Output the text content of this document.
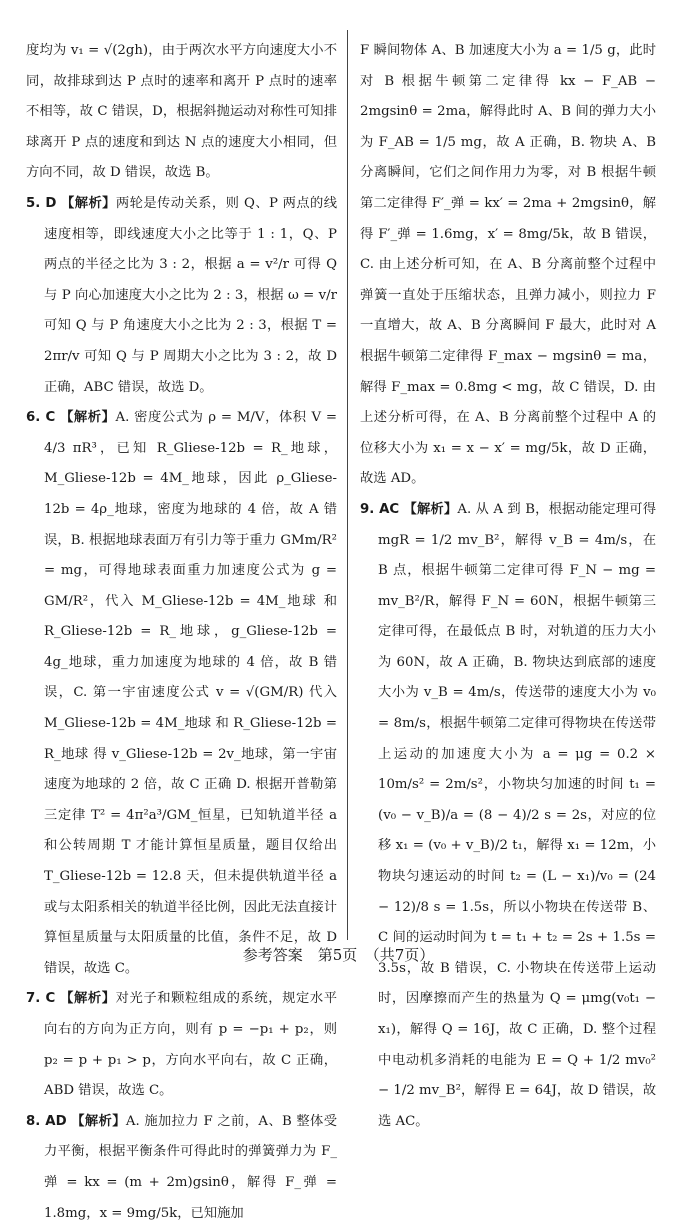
度均为 v₁ = √(2gh)，由于两次水平方向速度大小不同，故排球到达 P 点时的速率和离开 P 点时的速率不相等，故 C 错误，D，根据斜抛运动对称性可知排球离开 P 点的速度和到达 N 点的速度大小相同，但方向不同，故 D 错误，故选 B。

5. D 【解析】两轮是传动关系，则 Q、P 两点的线速度相等，即线速度大小之比等于 1 : 1，Q、P 两点的半径之比为 3 : 2，根据 a = v²/r 可得 Q 与 P 向心加速度大小之比为 2 : 3，根据 ω = v/r 可知 Q 与 P 角速度大小之比为 2 : 3，根据 T = 2πr/v 可知 Q 与 P 周期大小之比为 3 : 2，故 D 正确，ABC 错误，故选 D。

6. C 【解析】A. 密度公式为 ρ = M/V，体积 V = 4/3 πR³，已知 R_Gliese-12b = R_地球，M_Gliese-12b = 4M_地球，因此 ρ_Gliese-12b = 4ρ_地球，密度为地球的 4 倍，故 A 错误，B. 根据地球表面万有引力等于重力 GMm/R² = mg，可得地球表面重力加速度公式为 g = GM/R²，代入 M_Gliese-12b = 4M_地球 和 R_Gliese-12b = R_地球，g_Gliese-12b = 4g_地球，重力加速度为地球的 4 倍，故 B 错误，C. 第一宇宙速度公式 v = √(GM/R) 代入 M_Gliese-12b = 4M_地球 和 R_Gliese-12b = R_地球 得 v_Gliese-12b = 2v_地球，第一宇宙速度为地球的 2 倍，故 C 正确 D. 根据开普勒第三定律 T² = 4π²a³/GM_恒星，已知轨道半径 a 和公转周期 T 才能计算恒星质量，题目仅给出 T_Gliese-12b = 12.8 天，但未提供轨道半径 a 或与太阳系相关的轨道半径比例，因此无法直接计算恒星质量与太阳质量的比值，条件不足，故 D 错误，故选 C。

7. C 【解析】对光子和颗粒组成的系统，规定水平向右的方向为正方向，则有 p = −p₁ + p₂，则 p₂ = p + p₁ > p，方向水平向右，故 C 正确，ABD 错误，故选 C。

8. AD 【解析】A. 施加拉力 F 之前，A、B 整体受力平衡，根据平衡条件可得此时的弹簧弹力为 F_弹 = kx = (m + 2m)gsinθ，解得 F_弹 = 1.8mg，x = 9mg/5k，已知施加

F 瞬间物体 A、B 加速度大小为 a = 1/5 g，此时对 B 根据牛顿第二定律得 kx − F_AB − 2mgsinθ = 2ma，解得此时 A、B 间的弹力大小为 F_AB = 1/5 mg，故 A 正确，B. 物块 A、B 分离瞬间，它们之间作用力为零，对 B 根据牛顿第二定律得 F′_弹 = kx′ = 2ma + 2mgsinθ，解得 F′_弹 = 1.6mg，x′ = 8mg/5k，故 B 错误，C. 由上述分析可知，在 A、B 分离前整个过程中弹簧一直处于压缩状态，且弹力减小，则拉力 F 一直增大，故 A、B 分离瞬间 F 最大，此时对 A 根据牛顿第二定律得 F_max − mgsinθ = ma，解得 F_max = 0.8mg < mg，故 C 错误，D. 由上述分析可得，在 A、B 分离前整个过程中 A 的位移大小为 x₁ = x − x′ = mg/5k，故 D 正确，故选 AD。

9. AC 【解析】A. 从 A 到 B，根据动能定理可得 mgR = 1/2 mv_B²，解得 v_B = 4m/s，在 B 点，根据牛顿第二定律可得 F_N − mg = mv_B²/R，解得 F_N = 60N，根据牛顿第三定律可得，在最低点 B 时，对轨道的压力大小为 60N，故 A 正确，B. 物块达到底部的速度大小为 v_B = 4m/s，传送带的速度大小为 v₀ = 8m/s，根据牛顿第二定律可得物块在传送带上运动的加速度大小为 a = μg = 0.2 × 10m/s² = 2m/s²，小物块匀加速的时间 t₁ = (v₀ − v_B)/a = (8 − 4)/2 s = 2s，对应的位移 x₁ = (v₀ + v_B)/2 t₁，解得 x₁ = 12m，小物块匀速运动的时间 t₂ = (L − x₁)/v₀ = (24 − 12)/8 s = 1.5s，所以小物块在传送带 B、C 间的运动时间为 t = t₁ + t₂ = 2s + 1.5s = 3.5s，故 B 错误，C. 小物块在传送带上运动时，因摩擦而产生的热量为 Q = μmg(v₀t₁ − x₁)，解得 Q = 16J，故 C 正确，D. 整个过程中电动机多消耗的电能为 E = Q + 1/2 mv₀² − 1/2 mv_B²，解得 E = 64J，故 D 错误，故选 AC。

参考答案　第5页　（共7页）
